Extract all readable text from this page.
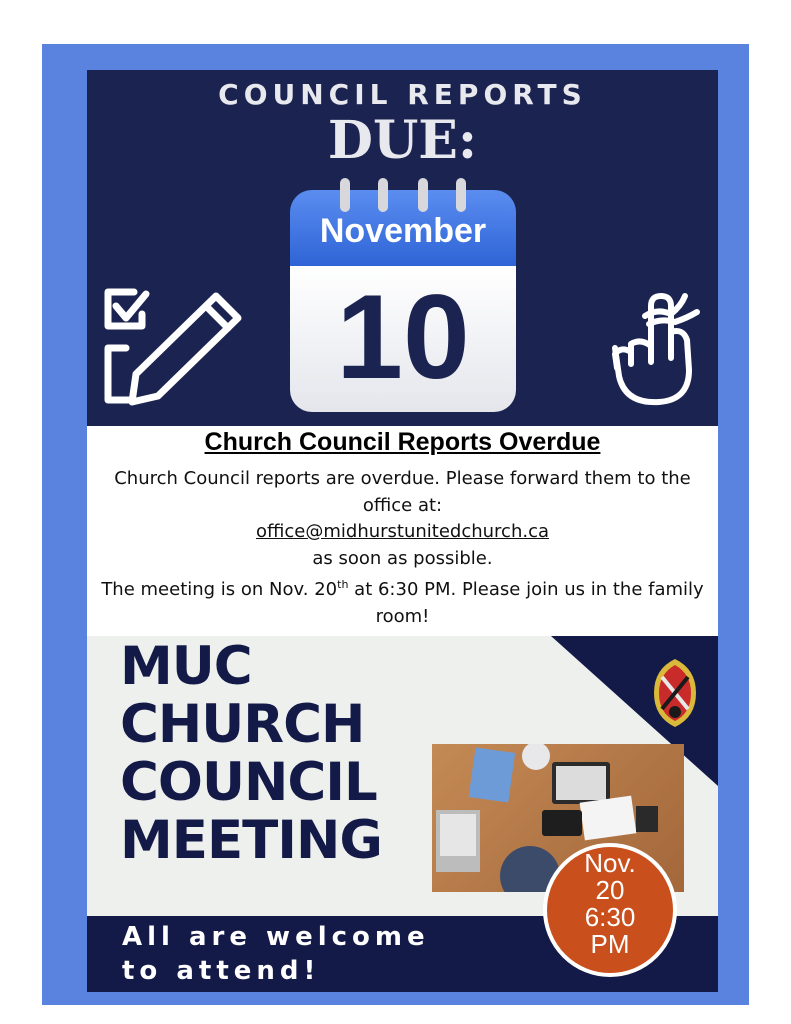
COUNCIL REPORTS
DUE:
November
10
Church Council Reports Overdue
Church Council reports are overdue. Please forward them to the office at:
office@midhurstunitedchurch.ca
as soon as possible.
The meeting is on Nov. 20th at 6:30 PM. Please join us in the family room!
MUC
CHURCH
COUNCIL
MEETING
All are welcome
to attend!
Nov.
20
6:30
PM
